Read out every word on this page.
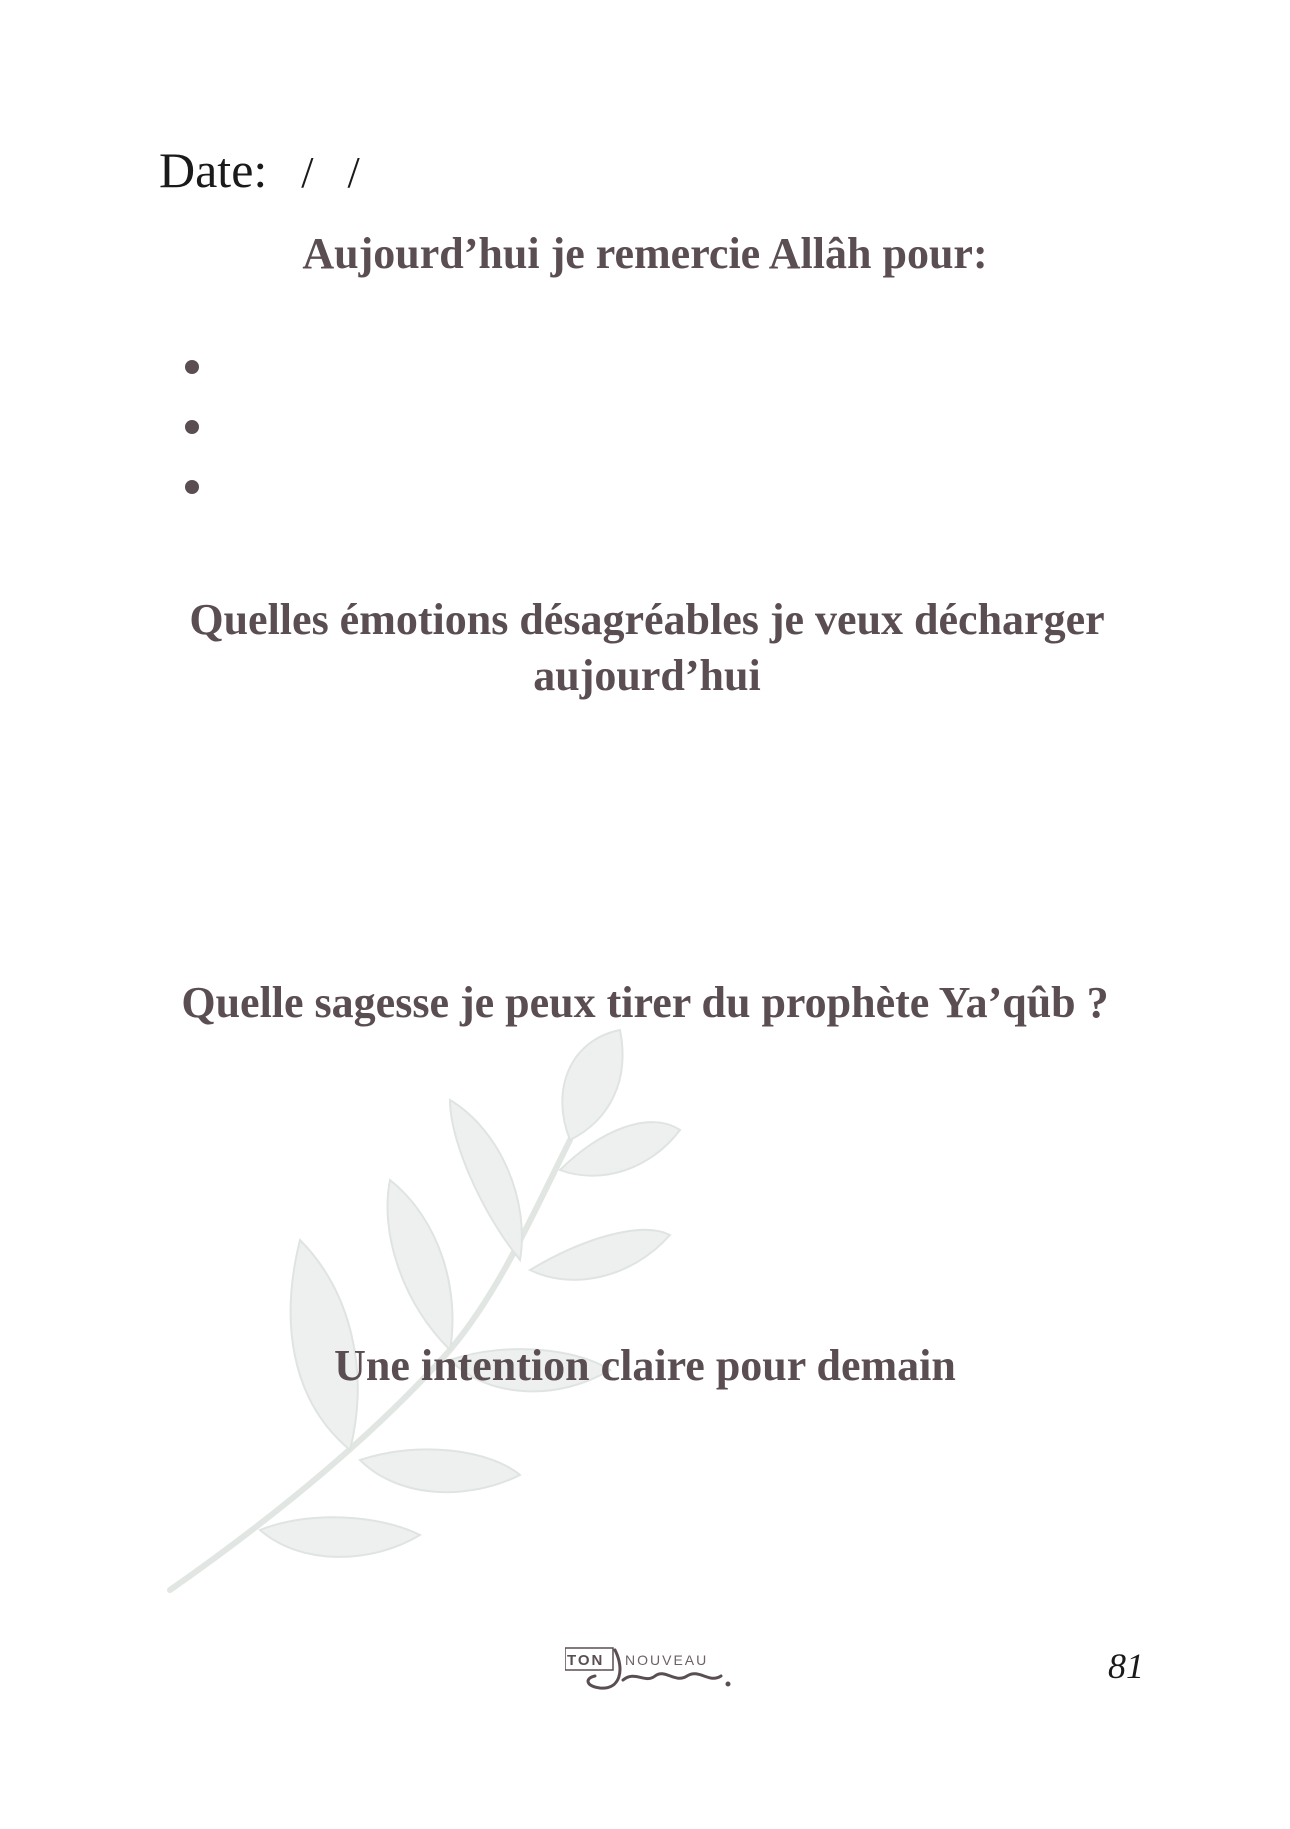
Date: / /
Aujourd’hui je remercie Allâh pour:
Quelles émotions désagréables je veux décharger aujourd’hui
Quelle sagesse je peux tirer du prophète Ya’qûb ?
Une intention claire pour demain
TON NOUVEAU	81
